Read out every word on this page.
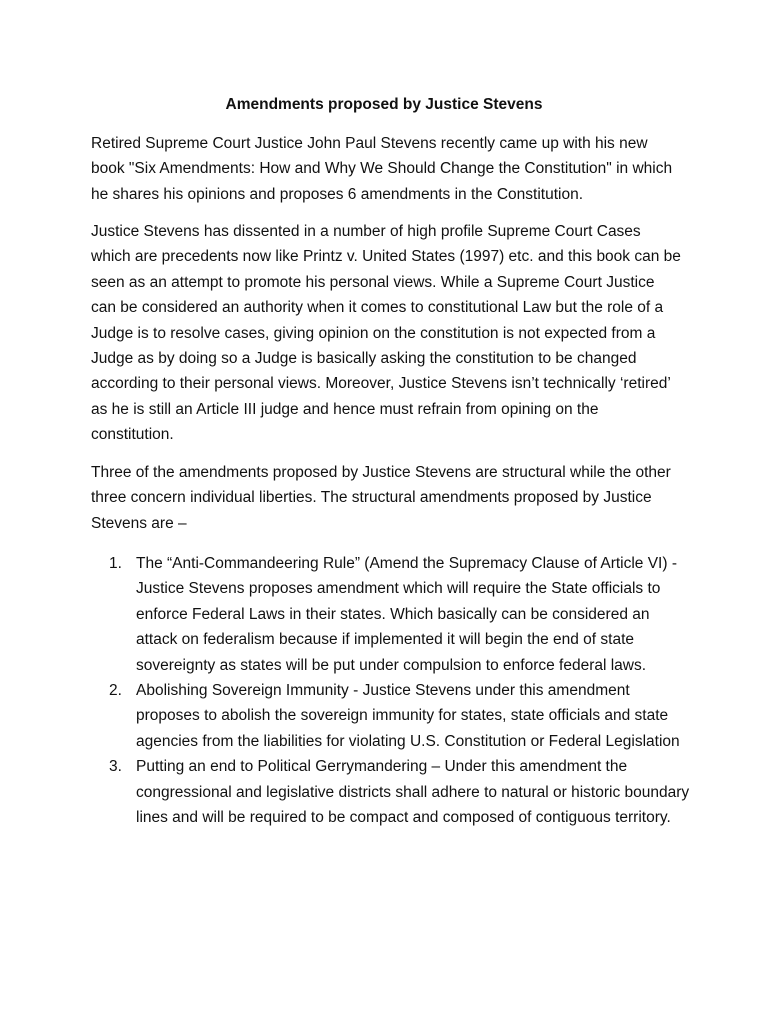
Amendments proposed by Justice Stevens

Retired Supreme Court Justice John Paul Stevens recently came up with his new book "Six Amendments: How and Why We Should Change the Constitution" in which he shares his opinions and proposes 6 amendments in the Constitution.

Justice Stevens has dissented in a number of high profile Supreme Court Cases which are precedents now like Printz v. United States (1997) etc. and this book can be seen as an attempt to promote his personal views. While a Supreme Court Justice can be considered an authority when it comes to constitutional Law but the role of a Judge is to resolve cases, giving opinion on the constitution is not expected from a Judge as by doing so a Judge is basically asking the constitution to be changed according to their personal views. Moreover, Justice Stevens isn’t technically ‘retired’ as he is still an Article III judge and hence must refrain from opining on the constitution.

Three of the amendments proposed by Justice Stevens are structural while the other three concern individual liberties. The structural amendments proposed by Justice Stevens are –

1. The “Anti-Commandeering Rule” (Amend the Supremacy Clause of Article VI) - Justice Stevens proposes amendment which will require the State officials to enforce Federal Laws in their states. Which basically can be considered an attack on federalism because if implemented it will begin the end of state sovereignty as states will be put under compulsion to enforce federal laws.
2. Abolishing Sovereign Immunity - Justice Stevens under this amendment proposes to abolish the sovereign immunity for states, state officials and state agencies from the liabilities for violating U.S. Constitution or Federal Legislation
3. Putting an end to Political Gerrymandering – Under this amendment the congressional and legislative districts shall adhere to natural or historic boundary lines and will be required to be compact and composed of contiguous territory.
